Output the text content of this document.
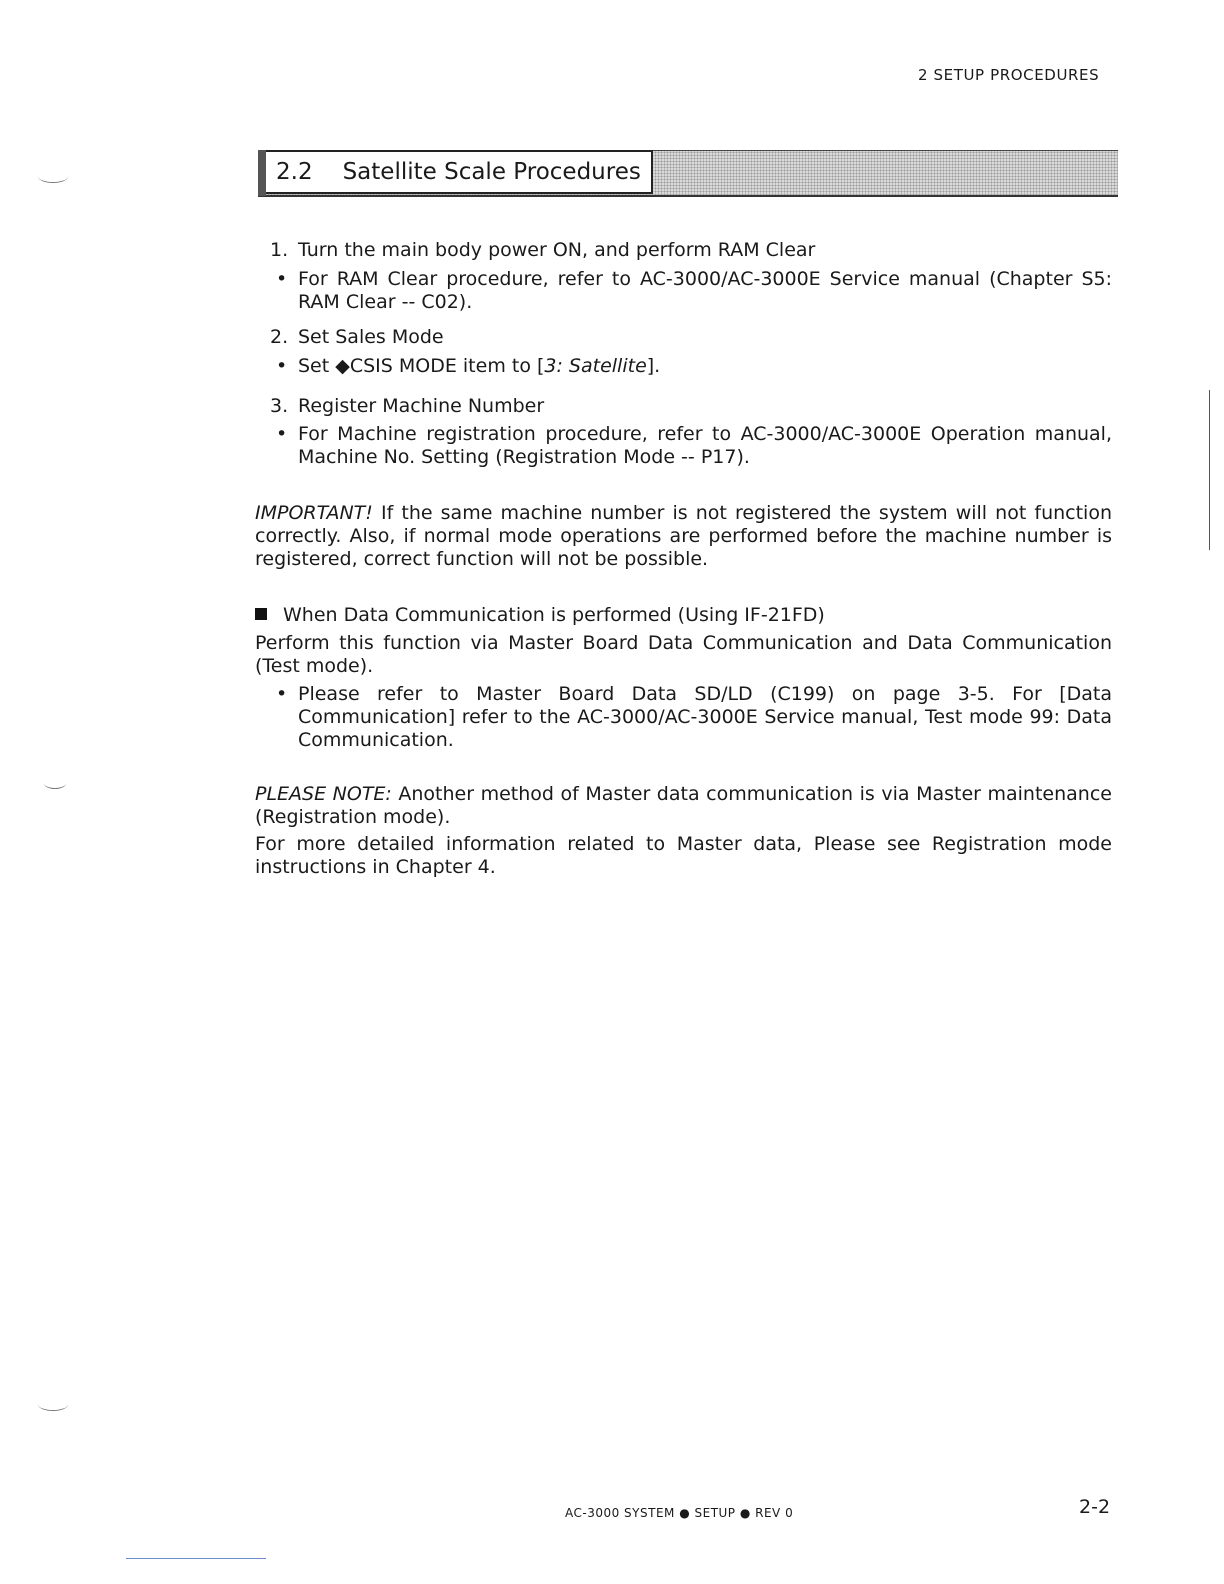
2 SETUP PROCEDURES
2.2 Satellite Scale Procedures
1. Turn the main body power ON, and perform RAM Clear
• For RAM Clear procedure, refer to AC-3000/AC-3000E Service manual (Chapter S5: RAM Clear -- C02).
2. Set Sales Mode
• Set ◆CSIS MODE item to [3: Satellite].
3. Register Machine Number
• For Machine registration procedure, refer to AC-3000/AC-3000E Operation manual, Machine No. Setting (Registration Mode -- P17).
IMPORTANT! If the same machine number is not registered the system will not function correctly. Also, if normal mode operations are performed before the machine number is registered, correct function will not be possible.
When Data Communication is performed (Using IF-21FD)
Perform this function via Master Board Data Communication and Data Communication (Test mode).
• Please refer to Master Board Data SD/LD (C199) on page 3-5. For [Data Communication] refer to the AC-3000/AC-3000E Service manual, Test mode 99: Data Communication.
PLEASE NOTE: Another method of Master data communication is via Master maintenance (Registration mode).
For more detailed information related to Master data, Please see Registration mode instructions in Chapter 4.
AC-3000 SYSTEM ● SETUP ● REV 0	2-2
